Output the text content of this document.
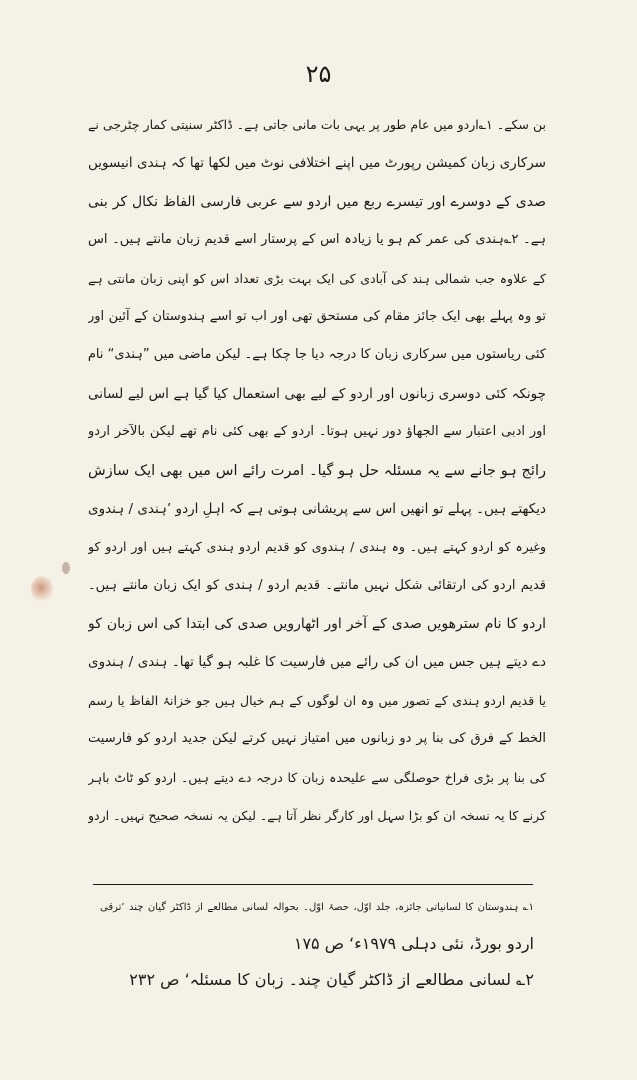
۲۵
بن سکے۔ ۱؎اردو میں عام طور پر یہی بات مانی جاتی ہے۔ ڈاکٹر سنیتی کمار چٹرجی نے
سرکاری زبان کمیشن رپورٹ میں اپنے اختلافی نوٹ میں لکھا تھا کہ ہندی انیسویں
صدی کے دوسرے اور تیسرے ربع میں اردو سے عربی فارسی الفاظ نکال کر بنی
ہے۔ ۲؎ہندی کی عمر کم ہو یا زیادہ اس کے پرستار اسے قدیم زبان مانتے ہیں۔ اس
کے علاوہ جب شمالی ہند کی آبادی کی ایک بہت بڑی تعداد اس کو اپنی زبان مانتی ہے
تو وہ پہلے بھی ایک جائز مقام کی مستحق تھی اور اب تو اسے ہندوستان کے آئین اور
کئی ریاستوں میں سرکاری زبان کا درجہ دیا جا چکا ہے۔ لیکن ماضی میں ”ہندی“ نام
چونکہ کئی دوسری زبانوں اور اردو کے لیے بھی استعمال کیا گیا ہے اس لیے لسانی
اور ادبی اعتبار سے الجھاؤ دور نہیں ہوتا۔ اردو کے بھی کئی نام تھے لیکن بالآخر اردو
رائج ہو جانے سے یہ مسئلہ حل ہو گیا۔ امرت رائے اس میں بھی ایک سازش
دیکھتے ہیں۔ پہلے تو انھیں اس سے پریشانی ہوتی ہے کہ اہلِ اردو ’ہندی / ہندوی
وغیرہ کو اردو کہتے ہیں۔ وہ ہندی / ہندوی کو قدیم اردو ہندی کہتے ہیں اور اردو کو
قدیم اردو کی ارتقائی شکل نہیں مانتے۔ قدیم اردو / ہندی کو ایک زبان مانتے ہیں۔
اردو کا نام سترھویں صدی کے آخر اور اٹھارویں صدی کی ابتدا کی اس زبان کو
دے دیتے ہیں جس میں ان کی رائے میں فارسیت کا غلبہ ہو گیا تھا۔ ہندی / ہندوی
یا قدیم اردو ہندی کے تصور میں وہ ان لوگوں کے ہم خیال ہیں جو خزانۂ الفاظ یا رسم
الخط کے فرق کی بنا پر دو زبانوں میں امتیاز نہیں کرتے لیکن جدید اردو کو فارسیت
کی بنا پر بڑی فراخ حوصلگی سے علیحدہ زبان کا درجہ دے دیتے ہیں۔ اردو کو ٹاٹ باہر
کرنے کا یہ نسخہ ان کو بڑا سہل اور کارگر نظر آتا ہے۔ لیکن یہ نسخہ صحیح نہیں۔ اردو
۱؎ ہندوستان کا لسانیاتی جائزہ، جلد اوّل، حصۂ اوّل۔ بحوالہ لسانی مطالعے از ڈاکٹر گیان چند ’ترقی
اردو بورڈ، نئی دہلی ۱۹۷۹ء‘ ص ۱۷۵
۲؎ لسانی مطالعے از ڈاکٹر گیان چند۔ زبان کا مسئلہ‘ ص ۲۳۲
